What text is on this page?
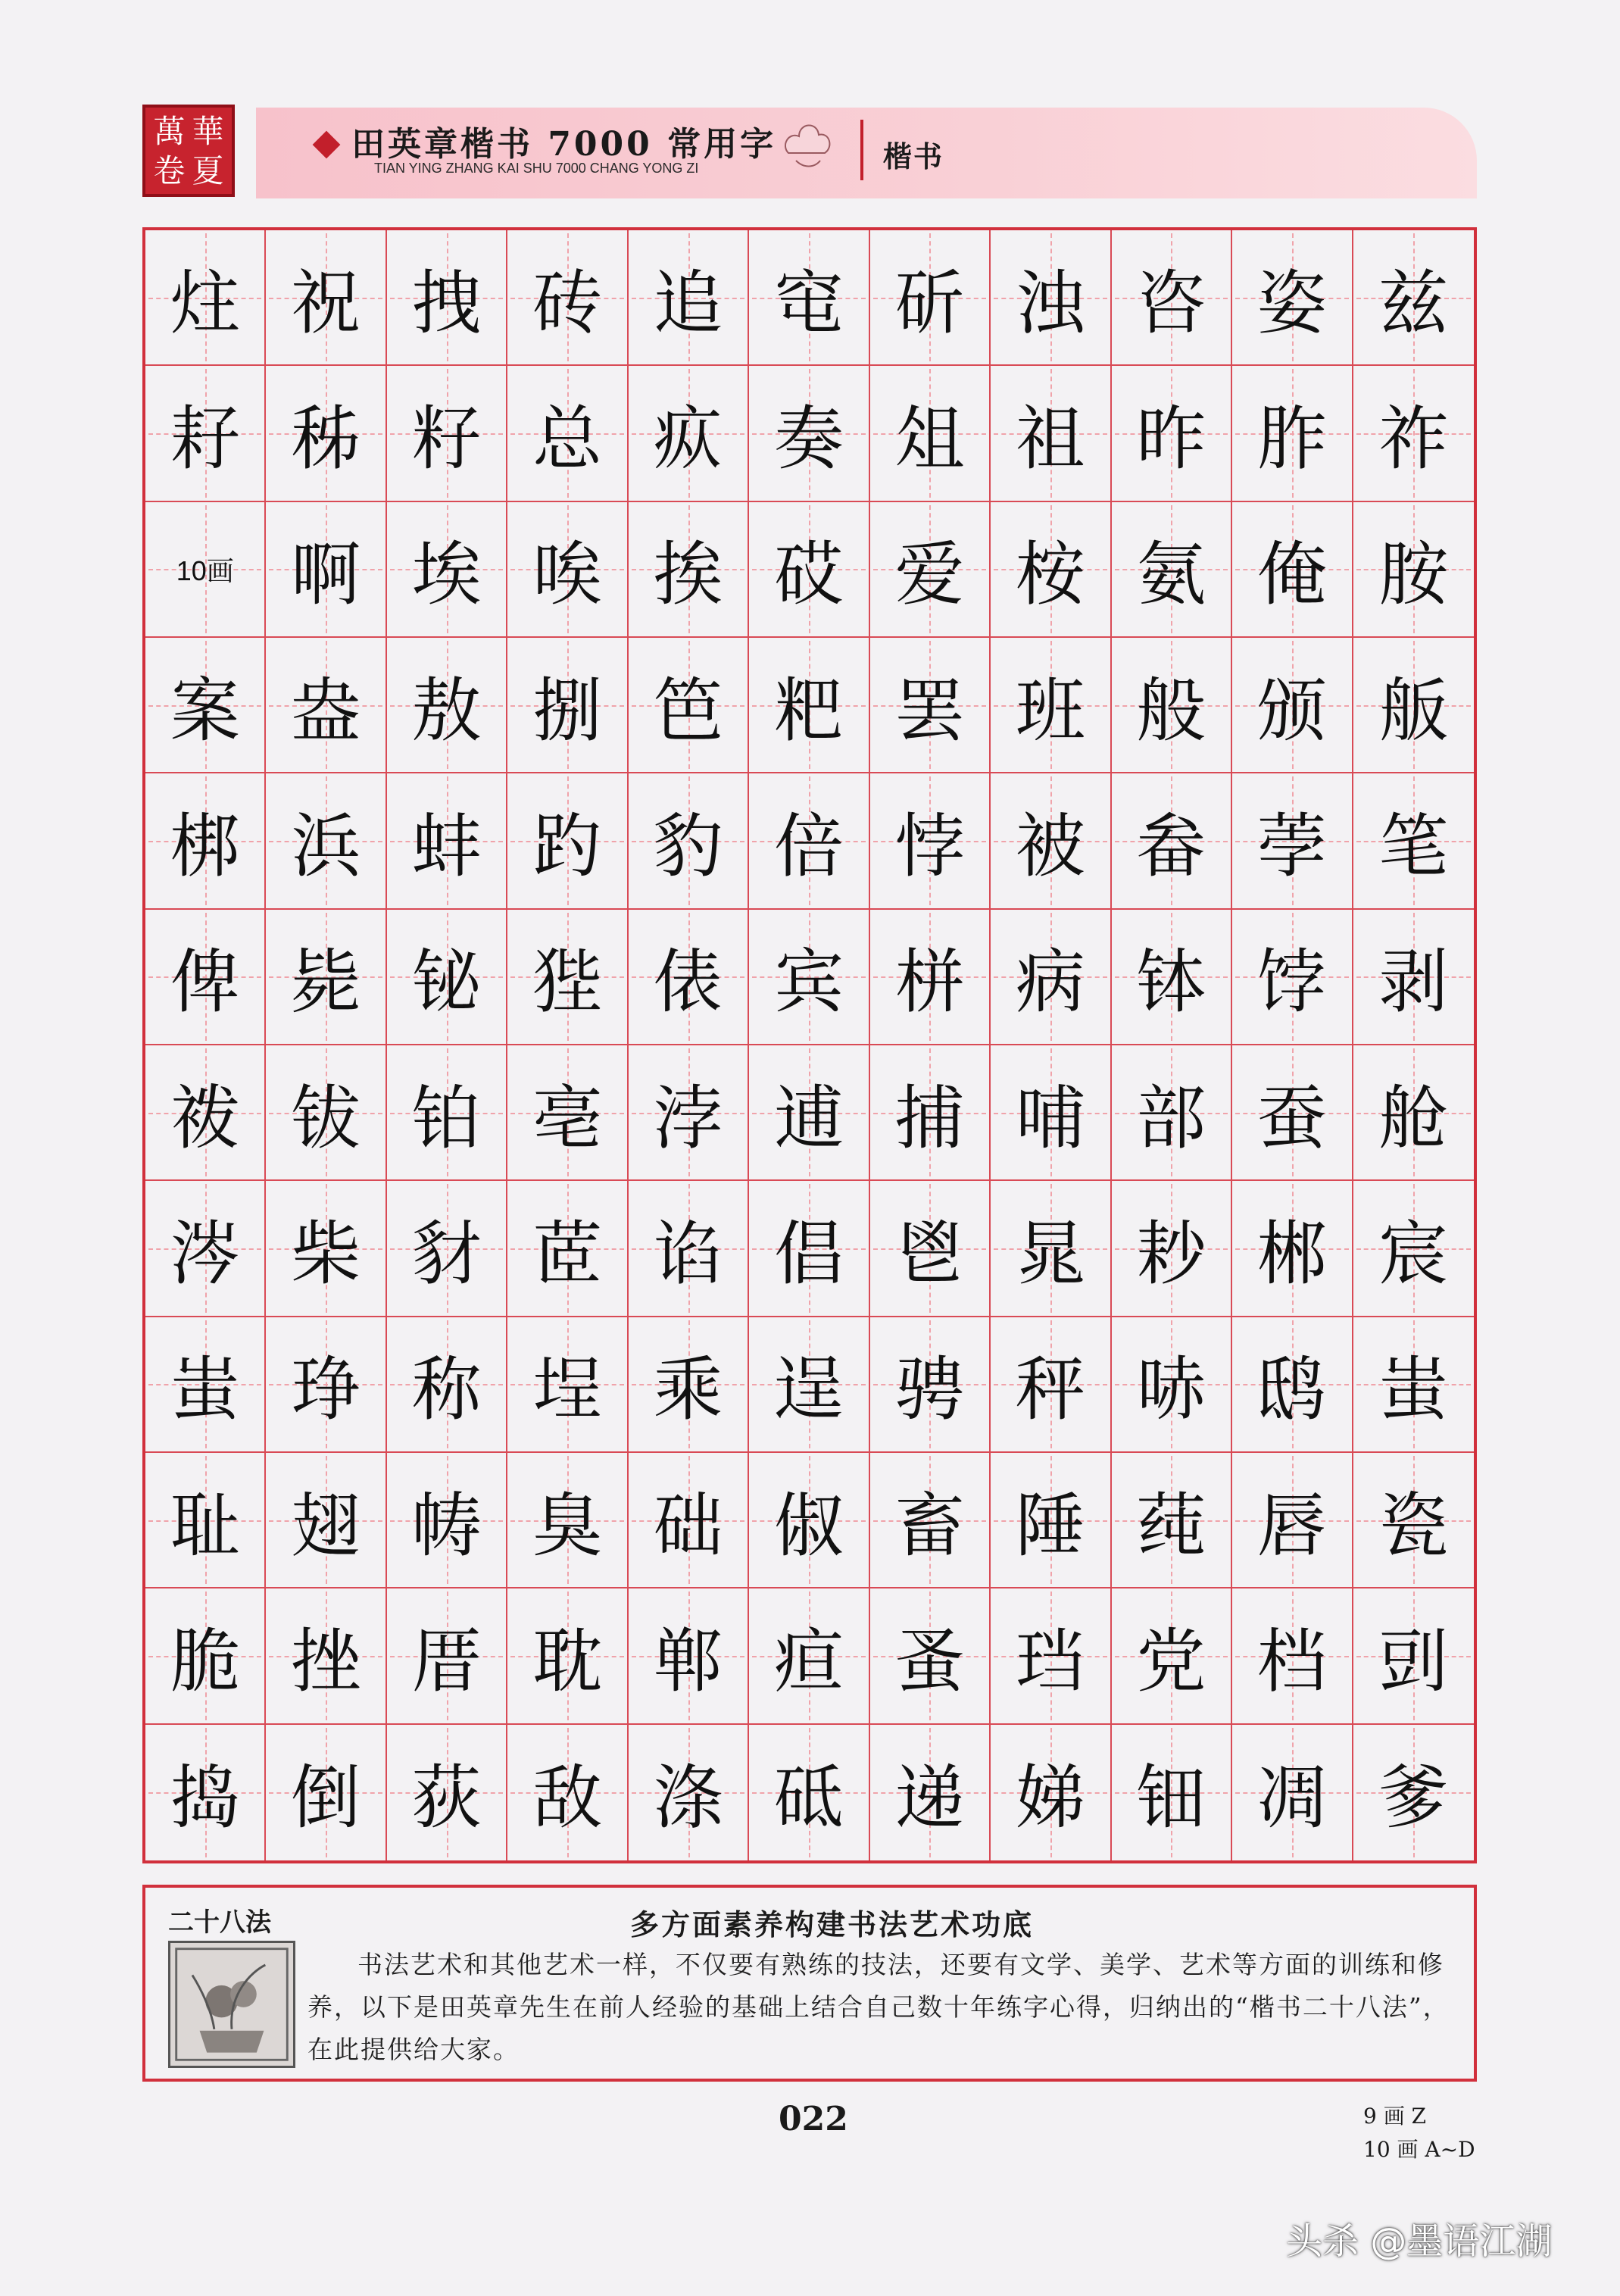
萬 華
卷 夏
田英章楷书 7000 常用字
TIAN YING ZHANG KAI SHU 7000 CHANG YONG ZI	楷书
炷 祝 拽 砖 追 窀 斫 浊 咨 姿 兹
耔 秭 籽 总 疭 奏 俎 祖 昨 胙 祚
10画 啊 埃 唉 挨 砹 爱 桉 氨 俺 胺
案 盎 敖 捌 笆 粑 罢 班 般 颁 舨
梆 浜 蚌 趵 豹 倍 悖 被 畚 荸 笔
俾 毙 铋 狴 俵 宾 栟 病 钵 饽 剥
袯 钹 铂 亳 浡 逋 捕 哺 部 蚕 舱
涔 柴 豺 茝 谄 倡 鬯 晁 耖 郴 宸
蚩 琤 称 埕 乘 逞 骋 秤 哧 鸱 蚩
耻 翅 帱 臭 础 俶 畜 陲 莼 唇 瓷
脆 挫 厝 耽 郸 疸 蚤 珰 党 档 剅
捣 倒 荻 敌 涤 砥 递 娣 钿 凋 爹
二十八法	多方面素养构建书法艺术功底
书法艺术和其他艺术一样，不仅要有熟练的技法，还要有文学、美学、艺术等方面的训练和修养，以下是田英章先生在前人经验的基础上结合自己数十年练字心得，归纳出的“楷书二十八法”，在此提供给大家。
022	9 画 Z
10 画 A~D
头杀 @墨语江湖
